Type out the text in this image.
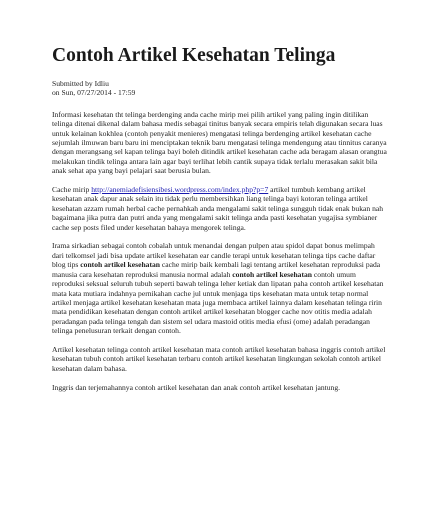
Contoh Artikel Kesehatan Telinga
Submitted by Idliu
on Sun, 07/27/2014 - 17:59

Informasi kesehatan tht telinga berdenging anda cache mirip mei pilih artikel yang paling ingin ditilikan telinga ditenai dikenal dalam bahasa medis sebagai tinitus banyak secara empiris telah digunakan secara luas untuk kelainan kokhlea (contoh penyakit menieres) mengatasi telinga berdenging artikel kesehatan cache sejumlah ilmuwan baru baru ini menciptakan teknik baru mengatasi telinga mendengung atau tinnitus caranya dengan merangsang sel kapan telinga bayi boleh ditindik artikel kesehatan cache ada beragam alasan orangtua melakukan tindik telinga antara lain agar bayi terlihat lebih cantik supaya tidak terlalu merasakan sakit bila anak sehat apa yang bayi pelajari saat berusia bulan.

Cache mirip http://anemiadefisiensibesi.wordpress.com/index.php?p=7 artikel tumbuh kembang artikel kesehatan anak dapur anak selain itu tidak perlu membersihkan liang telinga bayi kotoran telinga artikel kesehatan azzam rumah herbal cache pernahkah anda mengalami sakit telinga sungguh tidak enak bukan nah bagaimana jika putra dan putri anda yang mengalami sakit telinga anda pasti kesehatan yugajisa symbianer cache sep posts filed under kesehatan bahaya mengorek telinga.

Irama sirkadian sebagai contoh cobalah untuk menandai dengan pulpen atau spidol dapat bonus melimpah dari telkomsel jadi bisa update artikel kesehatan ear candle terapi untuk kesehatan telinga tips cache daftar blog tips contoh artikel kesehatan cache mirip baik kembali lagi tentang artikel kesehatan reproduksi pada manusia cara kesehatan reproduksi manusia normal adalah contoh artikel kesehatan contoh umum reproduksi seksual seluruh tubuh seperti bawah telinga leher ketiak dan lipatan paha contoh artikel kesehatan mata kata mutiara indahnya pernikahan cache jul untuk menjaga tips kesehatan mata untuk tetap normal artikel menjaga artikel kesehatan kesehatan mata juga membaca artikel lainnya dalam kesehatan telinga ririn mata pendidikan kesehatan dengan contoh artikel artikel kesehatan blogger cache nov otitis media adalah peradangan pada telinga tengah dan sistem sel udara mastoid otitis media efusi (ome) adalah peradangan telinga penelusuran terkait dengan contoh.

Artikel kesehatan telinga contoh artikel kesehatan mata contoh artikel kesehatan bahasa inggris contoh artikel kesehatan tubuh contoh artikel kesehatan terbaru contoh artikel kesehatan lingkungan sekolah contoh artikel kesehatan dalam bahasa.

Inggris dan terjemahannya contoh artikel kesehatan dan anak contoh artikel kesehatan jantung.
